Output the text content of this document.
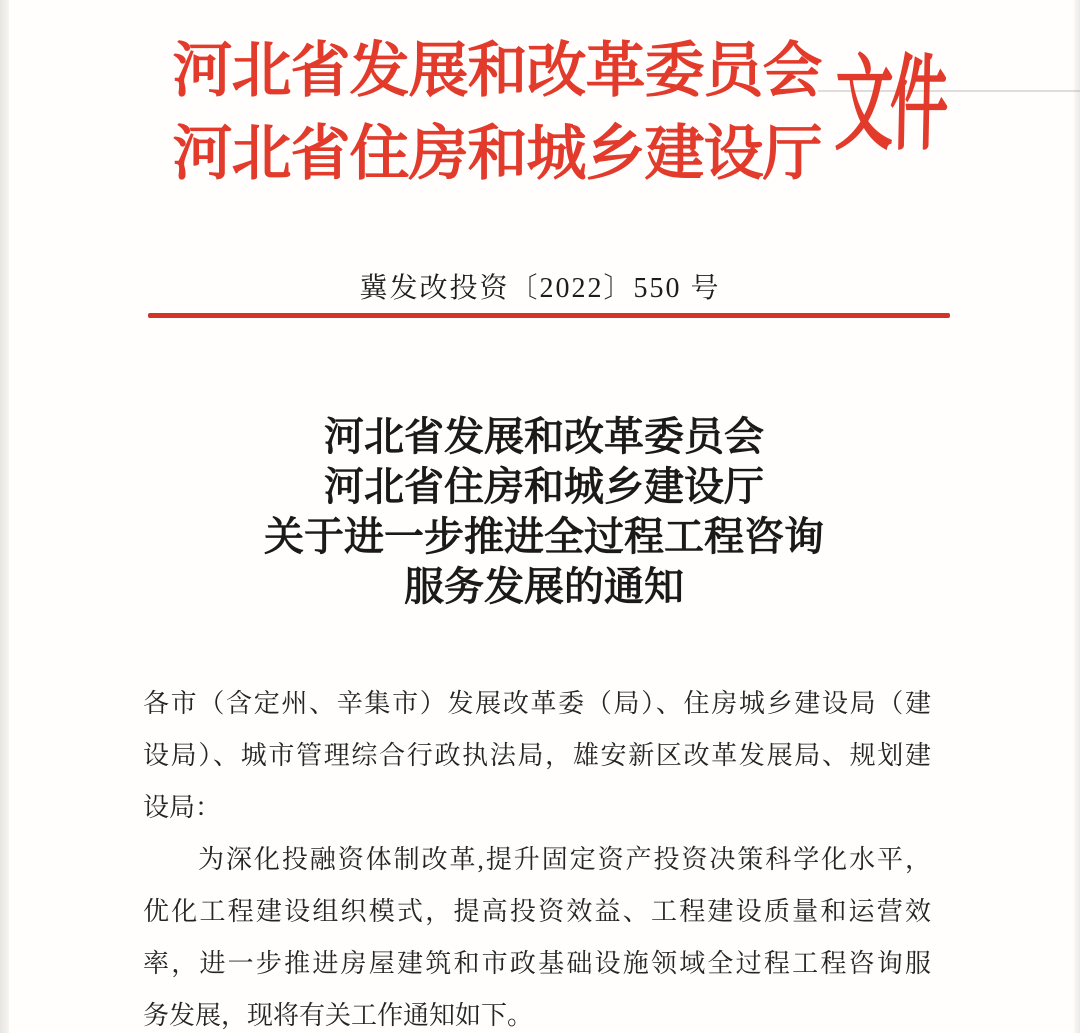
河北省发展和改革委员会
河北省住房和城乡建设厅 文件
冀发改投资〔2022〕550 号
河北省发展和改革委员会
河北省住房和城乡建设厅
关于进一步推进全过程工程咨询
服务发展的通知
各市（含定州、辛集市）发展改革委（局）、住房城乡建设局（建
设局）、城市管理综合行政执法局，雄安新区改革发展局、规划建
设局：
为深化投融资体制改革,提升固定资产投资决策科学化水平，
优化工程建设组织模式，提高投资效益、工程建设质量和运营效
率，进一步推进房屋建筑和市政基础设施领域全过程工程咨询服
务发展，现将有关工作通知如下。
